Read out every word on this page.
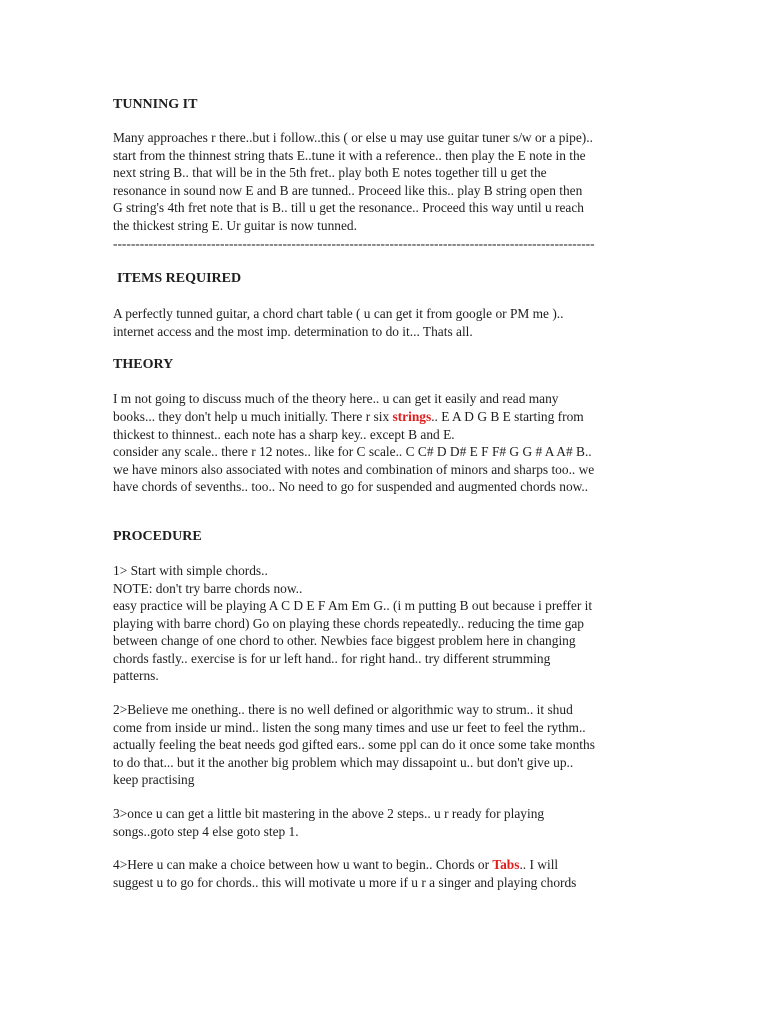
TUNNING IT

Many approaches r there..but i follow..this ( or else u may use guitar tuner s/w or a pipe)..
start from the thinnest string thats E..tune it with a reference.. then play the E note in the
next string B.. that will be in the 5th fret.. play both E notes together till u get the
resonance in sound now E and B are tunned.. Proceed like this.. play B string open then
G string's 4th fret note that is B.. till u get the resonance.. Proceed this way until u reach
the thickest string E. Ur guitar is now tunned.
------------------------------------------------------------------------------------------------------------

ITEMS REQUIRED

A perfectly tunned guitar, a chord chart table ( u can get it from google or PM me )..
internet access and the most imp. determination to do it... Thats all.

THEORY

I m not going to discuss much of the theory here.. u can get it easily and read many
books... they don't help u much initially. There r six strings.. E A D G B E starting from
thickest to thinnest.. each note has a sharp key.. except B and E.
consider any scale.. there r 12 notes.. like for C scale.. C C# D D# E F F# G G # A A# B..
we have minors also associated with notes and combination of minors and sharps too.. we
have chords of sevenths.. too.. No need to go for suspended and augmented chords now..

PROCEDURE

1> Start with simple chords..
NOTE: don't try barre chords now..
easy practice will be playing A C D E F Am Em G.. (i m putting B out because i preffer it
playing with barre chord) Go on playing these chords repeatedly.. reducing the time gap
between change of one chord to other. Newbies face biggest problem here in changing
chords fastly.. exercise is for ur left hand.. for right hand.. try different strumming
patterns.

2>Believe me onething.. there is no well defined or algorithmic way to strum.. it shud
come from inside ur mind.. listen the song many times and use ur feet to feel the rythm..
actually feeling the beat needs god gifted ears.. some ppl can do it once some take months
to do that... but it the another big problem which may dissapoint u.. but don't give up..
keep practising

3>once u can get a little bit mastering in the above 2 steps.. u r ready for playing
songs..goto step 4 else goto step 1.

4>Here u can make a choice between how u want to begin.. Chords or Tabs.. I will
suggest u to go for chords.. this will motivate u more if u r a singer and playing chords
